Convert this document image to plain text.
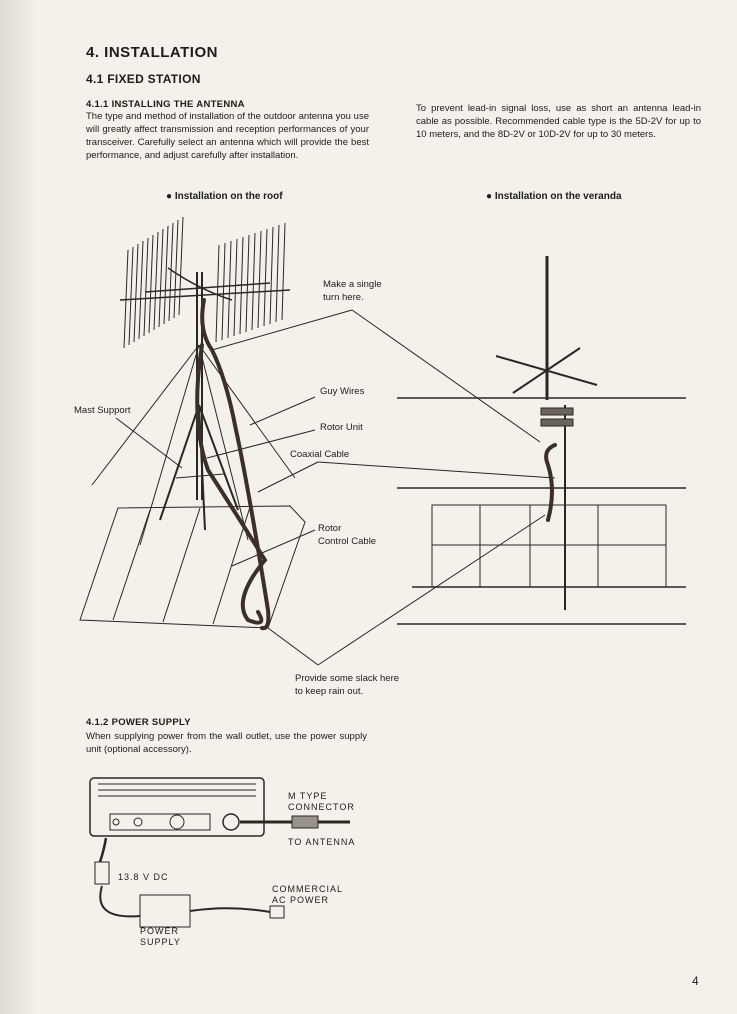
4. INSTALLATION
4.1 FIXED STATION
4.1.1 INSTALLING THE ANTENNA
The type and method of installation of the outdoor antenna you use will greatly affect transmission and reception performances of your transceiver. Carefully select an antenna which will provide the best performance, and adjust carefully after installation.
To prevent lead-in signal loss, use as short an antenna lead-in cable as possible. Recommended cable type is the 5D-2V for up to 10 meters, and the 8D-2V or 10D-2V for up to 30 meters.
● Installation on the roof	● Installation on the veranda
Make a single
turn here.
Guy Wires
Mast Support
Rotor Unit
Coaxial Cable
Rotor
Control Cable
Provide some slack here
to keep rain out.
4.1.2 POWER SUPPLY
When supplying power from the wall outlet, use the power supply unit (optional accessory).
M TYPE
CONNECTOR
TO ANTENNA
13.8 V DC
COMMERCIAL
AC POWER
POWER
SUPPLY
4
